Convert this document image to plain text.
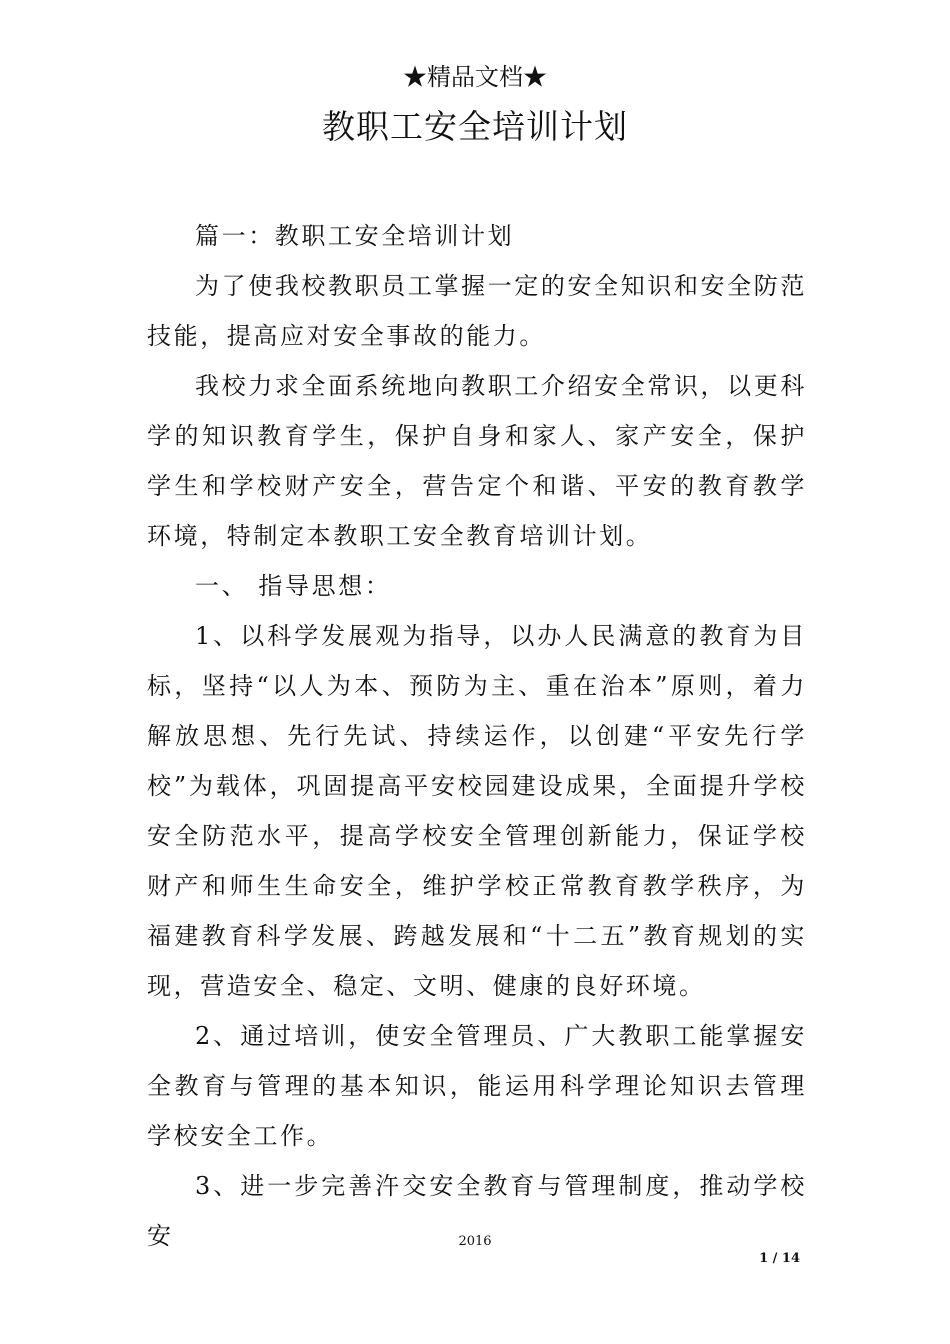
★精品文档★
教职工安全培训计划

篇一：教职工安全培训计划

为了使我校教职员工掌握一定的安全知识和安全防范技能，提高应对安全事故的能力。

我校力求全面系统地向教职工介绍安全常识，以更科学的知识教育学生，保护自身和家人、家产安全，保护学生和学校财产安全，营告定个和谐、平安的教育教学环境，特制定本教职工安全教育培训计划。

一、 指导思想：

1、以科学发展观为指导，以办人民满意的教育为目标，坚持“以人为本、预防为主、重在治本”原则，着力解放思想、先行先试、持续运作，以创建“平安先行学校”为载体，巩固提高平安校园建设成果，全面提升学校安全防范水平，提高学校安全管理创新能力，保证学校财产和师生生命安全，维护学校正常教育教学秩序，为福建教育科学发展、跨越发展和“十二五”教育规划的实现，营造安全、稳定、文明、健康的良好环境。

2、通过培训，使安全管理员、广大教职工能掌握安全教育与管理的基本知识，能运用科学理论知识去管理学校安全工作。

3、进一步完善汻交安全教育与管理制度，推动学校安	2016
1 / 14
